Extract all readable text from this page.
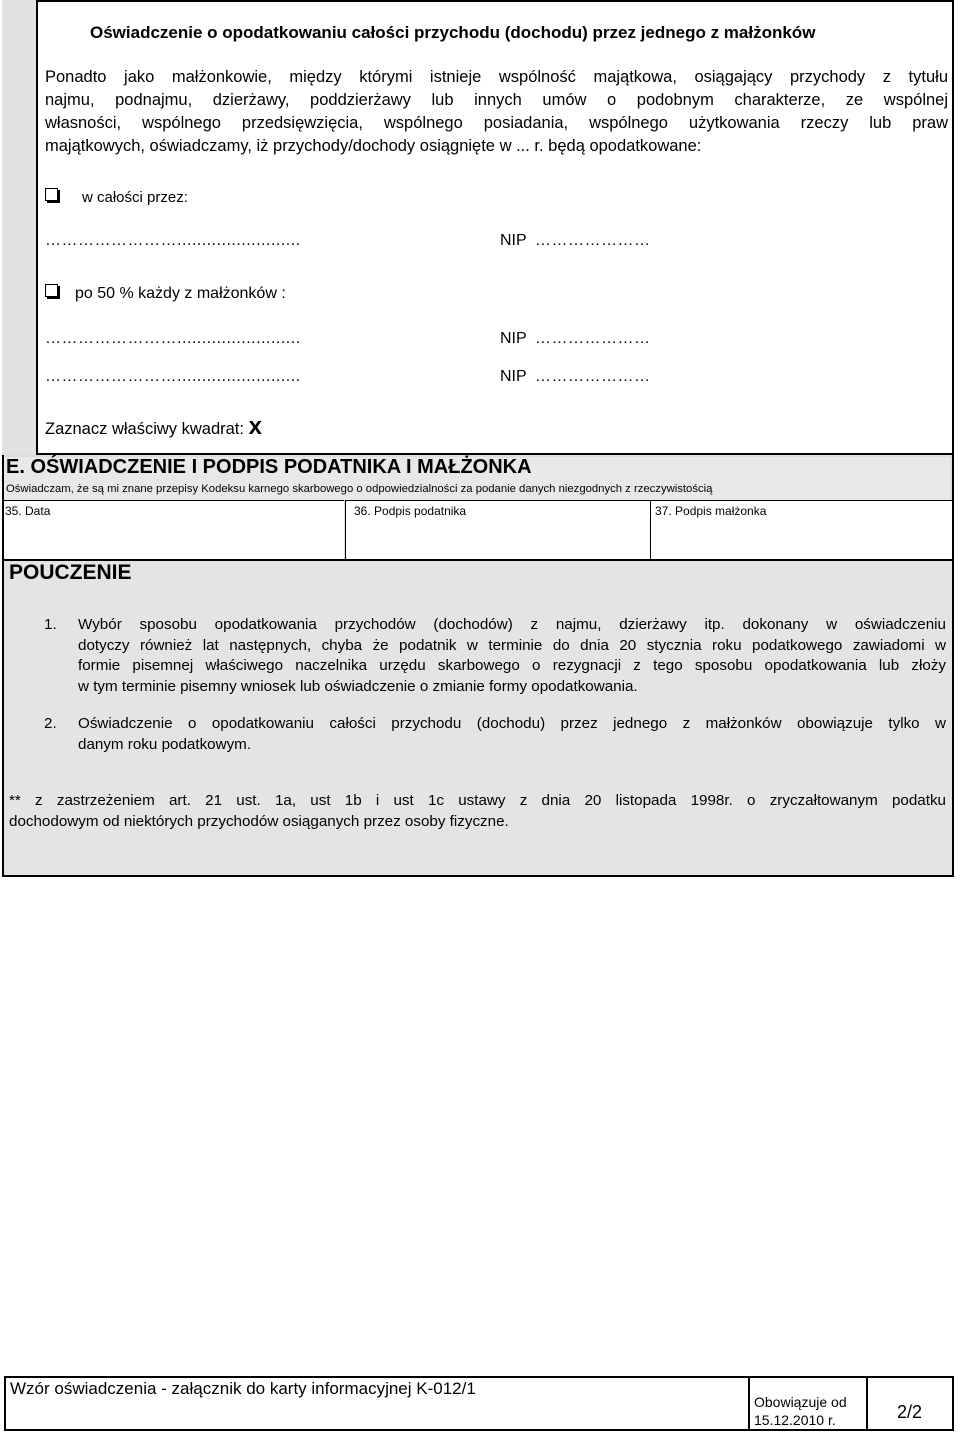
Oświadczenie o opodatkowaniu całości przychodu (dochodu) przez jednego z małżonków
Ponadto jako małżonkowie, między którymi istnieje wspólność majątkowa, osiągający przychody z tytułu
najmu, podnajmu, dzierżawy, poddzierżawy lub innych umów o podobnym charakterze, ze wspólnej
własności, wspólnego przedsięwzięcia, wspólnego posiadania, wspólnego użytkowania rzeczy lub praw
majątkowych, oświadczamy, iż przychody/dochody osiągnięte w ... r. będą opodatkowane:
w całości przez:
…………………….........................	NIP …………………
po 50 % każdy z małżonków :
…………………….........................	NIP …………………
…………………….........................	NIP …………………
Zaznacz właściwy kwadrat: x
E. OŚWIADCZENIE I PODPIS PODATNIKA I MAŁŻONKA
Oświadczam, że są mi znane przepisy Kodeksu karnego skarbowego o odpowiedzialności za podanie danych niezgodnych z rzeczywistością
35. Data	36. Podpis podatnika	37. Podpis małżonka
POUCZENIE
1. Wybór sposobu opodatkowania przychodów (dochodów) z najmu, dzierżawy itp. dokonany w oświadczeniu
dotyczy również lat następnych, chyba że podatnik w terminie do dnia 20 stycznia roku podatkowego zawiadomi w
formie pisemnej właściwego naczelnika urzędu skarbowego o rezygnacji z tego sposobu opodatkowania lub złoży
w tym terminie pisemny wniosek lub oświadczenie o zmianie formy opodatkowania.
2. Oświadczenie o opodatkowaniu całości przychodu (dochodu) przez jednego z małżonków obowiązuje tylko w
danym roku podatkowym.
** z zastrzeżeniem art. 21 ust. 1a, ust 1b i ust 1c ustawy z dnia 20 listopada 1998r. o zryczałtowanym podatku
dochodowym od niektórych przychodów osiąganych przez osoby fizyczne.
Wzór oświadczenia - załącznik do karty informacyjnej K-012/1
Obowiązuje od
15.12.2010 r.	2/2
